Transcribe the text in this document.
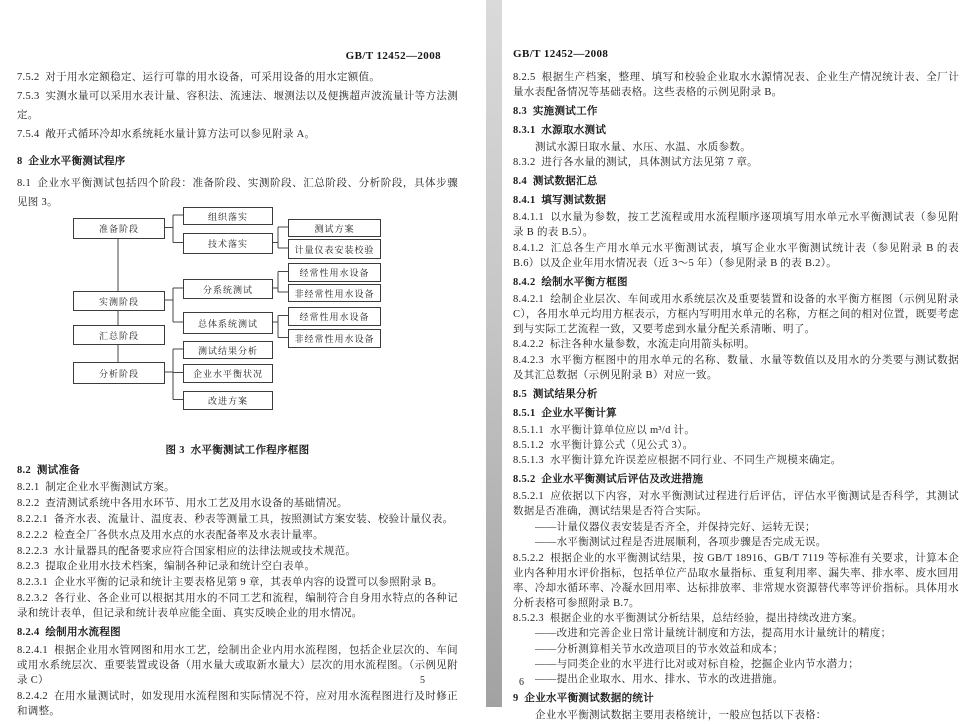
GB/T 12452—2008

7.5.2  对于用水定额稳定、运行可靠的用水设备，可采用设备的用水定额值。

7.5.3  实测水量可以采用水表计量、容积法、流速法、堰测法以及便携超声波流量计等方法测定。

7.5.4  敞开式循环冷却水系统耗水量计算方法可以参见附录 A。

8  企业水平衡测试程序

8.1  企业水平衡测试包括四个阶段：准备阶段、实测阶段、汇总阶段、分析阶段，具体步骤见图 3。

准备阶段
实测阶段
汇总阶段
分析阶段
组织落实
技术落实
分系统测试
总体系统测试
测试结果分析
企业水平衡状况
改进方案
测试方案
计量仪表安装校验
经常性用水设备
非经常性用水设备
经常性用水设备
非经常性用水设备

图 3  水平衡测试工作程序框图

8.2  测试准备

8.2.1  制定企业水平衡测试方案。

8.2.2  查清测试系统中各用水环节、用水工艺及用水设备的基础情况。

8.2.2.1  备齐水表、流量计、温度表、秒表等测量工具，按照测试方案安装、校验计量仪表。

8.2.2.2  检查全厂各供水点及用水点的水表配备率及水表计量率。

8.2.2.3  水计量器具的配备要求应符合国家相应的法律法规或技术规范。

8.2.3  提取企业用水技术档案，编制各种记录和统计空白表单。

8.2.3.1  企业水平衡的记录和统计主要表格见第 9 章，其表单内容的设置可以参照附录 B。

8.2.3.2  各行业、各企业可以根据其用水的不同工艺和流程，编制符合自身用水特点的各种记录和统计表单，但记录和统计表单应能全面、真实反映企业的用水情况。

8.2.4  绘制用水流程图

8.2.4.1  根据企业用水管网图和用水工艺，绘制出企业内用水流程图，包括企业层次的、车间或用水系统层次、重要装置或设备（用水量大或取新水量大）层次的用水流程图。（示例见附录 C）

8.2.4.2  在用水量测试时，如发现用水流程图和实际情况不符，应对用水流程图进行及时修正和调整。

5
GB/T 12452—2008

8.2.5  根据生产档案，整理、填写和校验企业取水水源情况表、企业生产情况统计表、全厂计量水表配备情况等基础表格。这些表格的示例见附录 B。

8.3  实施测试工作

8.3.1  水源取水测试

测试水源日取水量、水压、水温、水质参数。

8.3.2  进行各水量的测试，具体测试方法见第 7 章。

8.4  测试数据汇总

8.4.1  填写测试数据

8.4.1.1  以水量为参数，按工艺流程或用水流程顺序逐项填写用水单元水平衡测试表（参见附录 B 的表 B.5）。

8.4.1.2  汇总各生产用水单元水平衡测试表，填写企业水平衡测试统计表（参见附录 B 的表 B.6）以及企业年用水情况表（近 3～5 年）（参见附录 B 的表 B.2）。

8.4.2  绘制水平衡方框图

8.4.2.1  绘制企业层次、车间或用水系统层次及重要装置和设备的水平衡方框图（示例见附录 C），各用水单元均用方框表示，方框内写明用水单元的名称，方框之间的相对位置，既要考虑到与实际工艺流程一致，又要考虑到水量分配关系清晰、明了。

8.4.2.2  标注各种水量参数，水流走向用箭头标明。

8.4.2.3  水平衡方框图中的用水单元的名称、数量、水量等数值以及用水的分类要与测试数据及其汇总数据（示例见附录 B）对应一致。

8.5  测试结果分析

8.5.1  企业水平衡计算

8.5.1.1  水平衡计算单位应以 m³/d 计。

8.5.1.2  水平衡计算公式（见公式 3）。

8.5.1.3  水平衡计算允许误差应根据不同行业、不同生产规模来确定。

8.5.2  企业水平衡测试后评估及改进措施

8.5.2.1  应依据以下内容，对水平衡测试过程进行后评估，评估水平衡测试是否科学，其测试数据是否准确，测试结果是否符合实际。

——计量仪器仪表安装是否齐全，并保持完好、运转无误；

——水平衡测试过程是否进展顺利，各项步骤是否完成无误。

8.5.2.2  根据企业的水平衡测试结果，按 GB/T 18916、GB/T 7119 等标准有关要求，计算本企业内各种用水评价指标，包括单位产品取水量指标、重复利用率、漏失率、排水率、废水回用率、冷却水循环率、冷凝水回用率、达标排放率、非常规水资源替代率等评价指标。具体用水分析表格可参照附录 B.7。

8.5.2.3  根据企业的水平衡测试分析结果，总结经验，提出持续改进方案。

——改进和完善企业日常计量统计制度和方法，提高用水计量统计的精度；

——分析测算相关节水改造项目的节水效益和成本；

——与同类企业的水平进行比对或对标自检，挖掘企业内节水潜力；

——提出企业取水、用水、排水、节水的改进措施。

9  企业水平衡测试数据的统计

企业水平衡测试数据主要用表格统计，一般应包括以下表格：

6
